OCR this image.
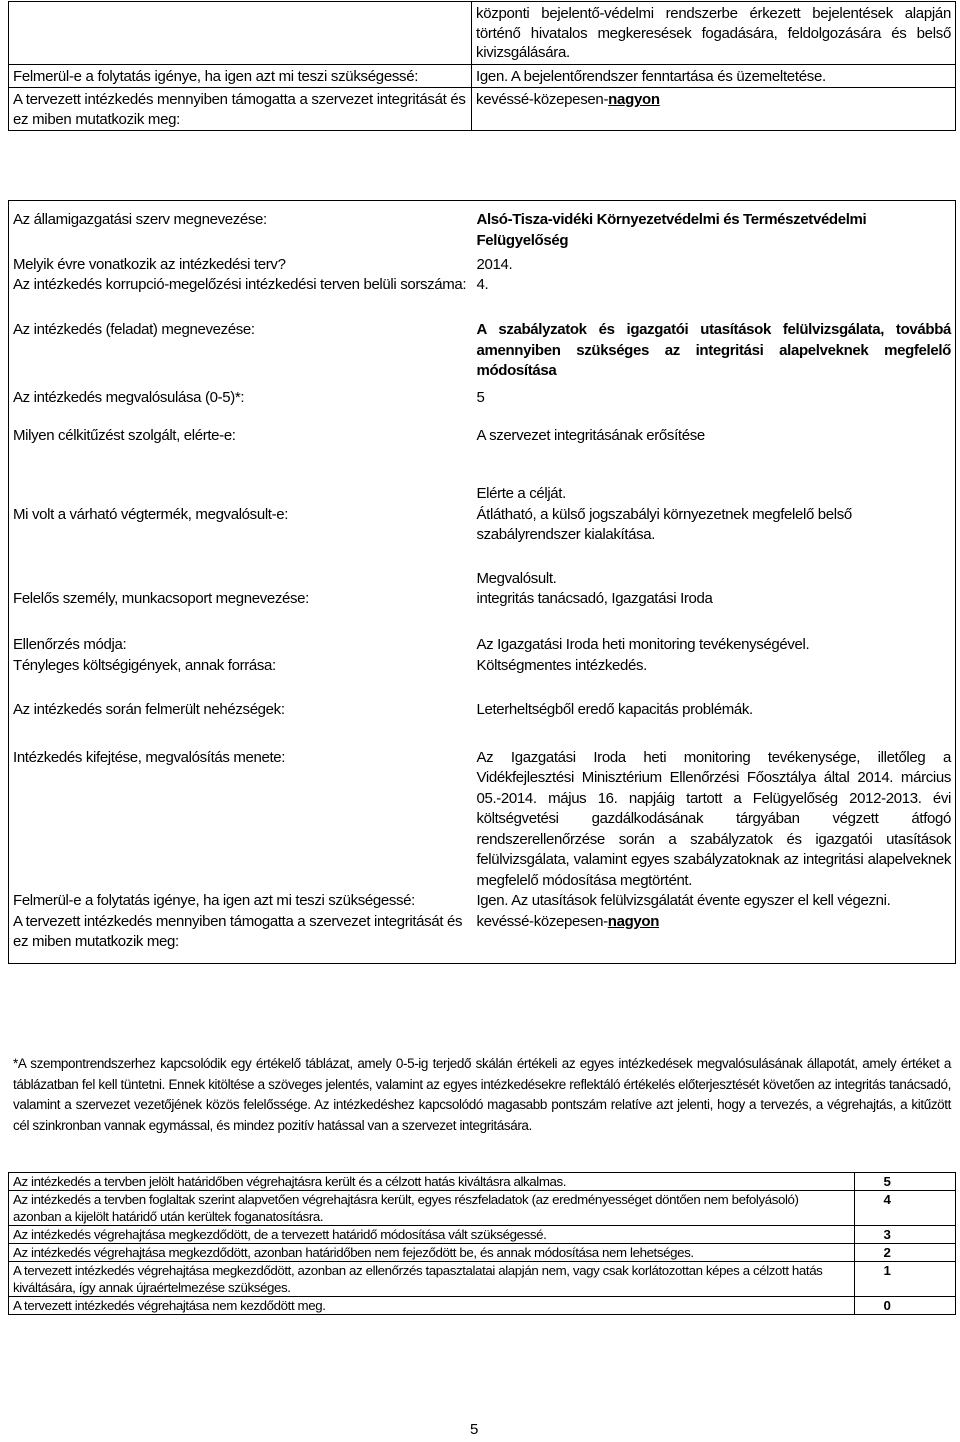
	központi bejelentő-védelmi rendszerbe érkezett bejelentések alapján történő hivatalos megkeresések fogadására, feldolgozására és belső kivizsgálására.
Felmerül-e a folytatás igénye, ha igen azt mi teszi szükségessé:	Igen. A bejelentőrendszer fenntartása és üzemeltetése.
A tervezett intézkedés mennyiben támogatta a szervezet integritását és ez miben mutatkozik meg:	kevéssé-közepesen-nagyon
Az államigazgatási szerv megnevezése:	Alsó-Tisza-vidéki Környezetvédelmi és Természetvédelmi Felügyelőség
Melyik évre vonatkozik az intézkedési terv?	2014.
Az intézkedés korrupció-megelőzési intézkedési terven belüli sorszáma:	4.
Az intézkedés (feladat) megnevezése:	A szabályzatok és igazgatói utasítások felülvizsgálata, továbbá amennyiben szükséges az integritási alapelveknek megfelelő módosítása
Az intézkedés megvalósulása (0-5)*:	5
Milyen célkitűzést szolgált, elérte-e:	A szervezet integritásának erősítése
	Elérte a célját.
Mi volt a várható végtermék, megvalósult-e:	Átlátható, a külső jogszabályi környezetnek megfelelő belső szabályrendszer kialakítása.
	Megvalósult.
Felelős személy, munkacsoport megnevezése:	integritás tanácsadó, Igazgatási Iroda
Ellenőrzés módja:	Az Igazgatási Iroda heti monitoring tevékenységével.
Tényleges költségigények, annak forrása:	Költségmentes intézkedés.
Az intézkedés során felmerült nehézségek:	Leterheltségből eredő kapacitás problémák.
Intézkedés kifejtése, megvalósítás menete:	Az Igazgatási Iroda heti monitoring tevékenysége, illetőleg a Vidékfejlesztési Minisztérium Ellenőrzési Főosztálya által 2014. március 05.-2014. május 16. napjáig tartott a Felügyelőség 2012-2013. évi költségvetési gazdálkodásának tárgyában végzett átfogó rendszerellenőrzése során a szabályzatok és igazgatói utasítások felülvizsgálata, valamint egyes szabályzatoknak az integritási alapelveknek megfelelő módosítása megtörtént.
Felmerül-e a folytatás igénye, ha igen azt mi teszi szükségessé:	Igen. Az utasítások felülvizsgálatát évente egyszer el kell végezni.
A tervezett intézkedés mennyiben támogatta a szervezet integritását és ez miben mutatkozik meg:	kevéssé-közepesen-nagyon
*A szempontrendszerhez kapcsolódik egy értékelő táblázat, amely 0-5-ig terjedő skálán értékeli az egyes intézkedések megvalósulásának állapotát, amely értéket a táblázatban fel kell tüntetni. Ennek kitöltése a szöveges jelentés, valamint az egyes intézkedésekre reflektáló értékelés előterjesztését követően az integritás tanácsadó, valamint a szervezet vezetőjének közös felelőssége. Az intézkedéshez kapcsolódó magasabb pontszám relatíve azt jelenti, hogy a tervezés, a végrehajtás, a kitűzött cél szinkronban vannak egymással, és mindez pozitív hatással van a szervezet integritására.
Az intézkedés a tervben jelölt határidőben végrehajtásra került és a célzott hatás kiváltásra alkalmas.	5
Az intézkedés a tervben foglaltak szerint alapvetően végrehajtásra került, egyes részfeladatok (az eredményességet döntően nem befolyásoló) azonban a kijelölt határidő után kerültek foganatosításra.	4
Az intézkedés végrehajtása megkezdődött, de a tervezett határidő módosítása vált szükségessé.	3
Az intézkedés végrehajtása megkezdődött, azonban határidőben nem fejeződött be, és annak módosítása nem lehetséges.	2
A tervezett intézkedés végrehajtása megkezdődött, azonban az ellenőrzés tapasztalatai alapján nem, vagy csak korlátozottan képes a célzott hatás kiváltására, így annak újraértelmezése szükséges.	1
A tervezett intézkedés végrehajtása nem kezdődött meg.	0
5
